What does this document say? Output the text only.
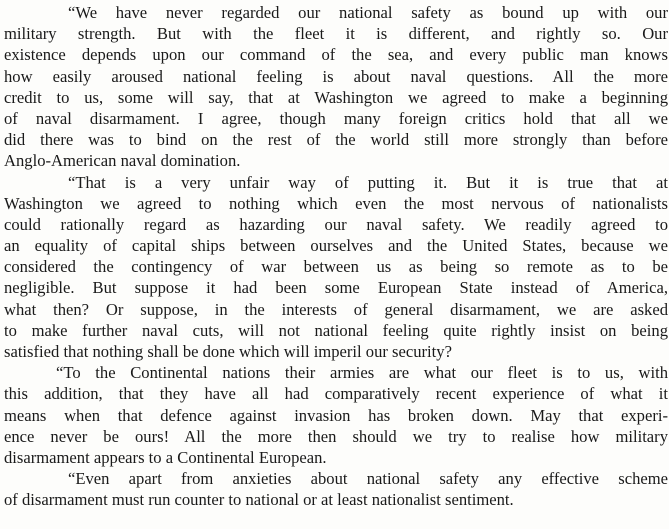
“We have never regarded our national safety as bound up with our
military strength. But with the fleet it is different, and rightly so. Our
existence depends upon our command of the sea, and every public man knows
how easily aroused national feeling is about naval questions. All the more
credit to us, some will say, that at Washington we agreed to make a beginning
of naval disarmament. I agree, though many foreign critics hold that all we
did there was to bind on the rest of the world still more strongly than before
Anglo-American naval domination.
“That is a very unfair way of putting it. But it is true that at
Washington we agreed to nothing which even the most nervous of nationalists
could rationally regard as hazarding our naval safety. We readily agreed to
an equality of capital ships between ourselves and the United States, because we
considered the contingency of war between us as being so remote as to be
negligible. But suppose it had been some European State instead of America,
what then? Or suppose, in the interests of general disarmament, we are asked
to make further naval cuts, will not national feeling quite rightly insist on being
satisfied that nothing shall be done which will imperil our security?
“To the Continental nations their armies are what our fleet is to us, with
this addition, that they have all had comparatively recent experience of what it
means when that defence against invasion has broken down. May that experi-
ence never be ours! All the more then should we try to realise how military
disarmament appears to a Continental European.
“Even apart from anxieties about national safety any effective scheme
of disarmament must run counter to national or at least nationalist sentiment.
